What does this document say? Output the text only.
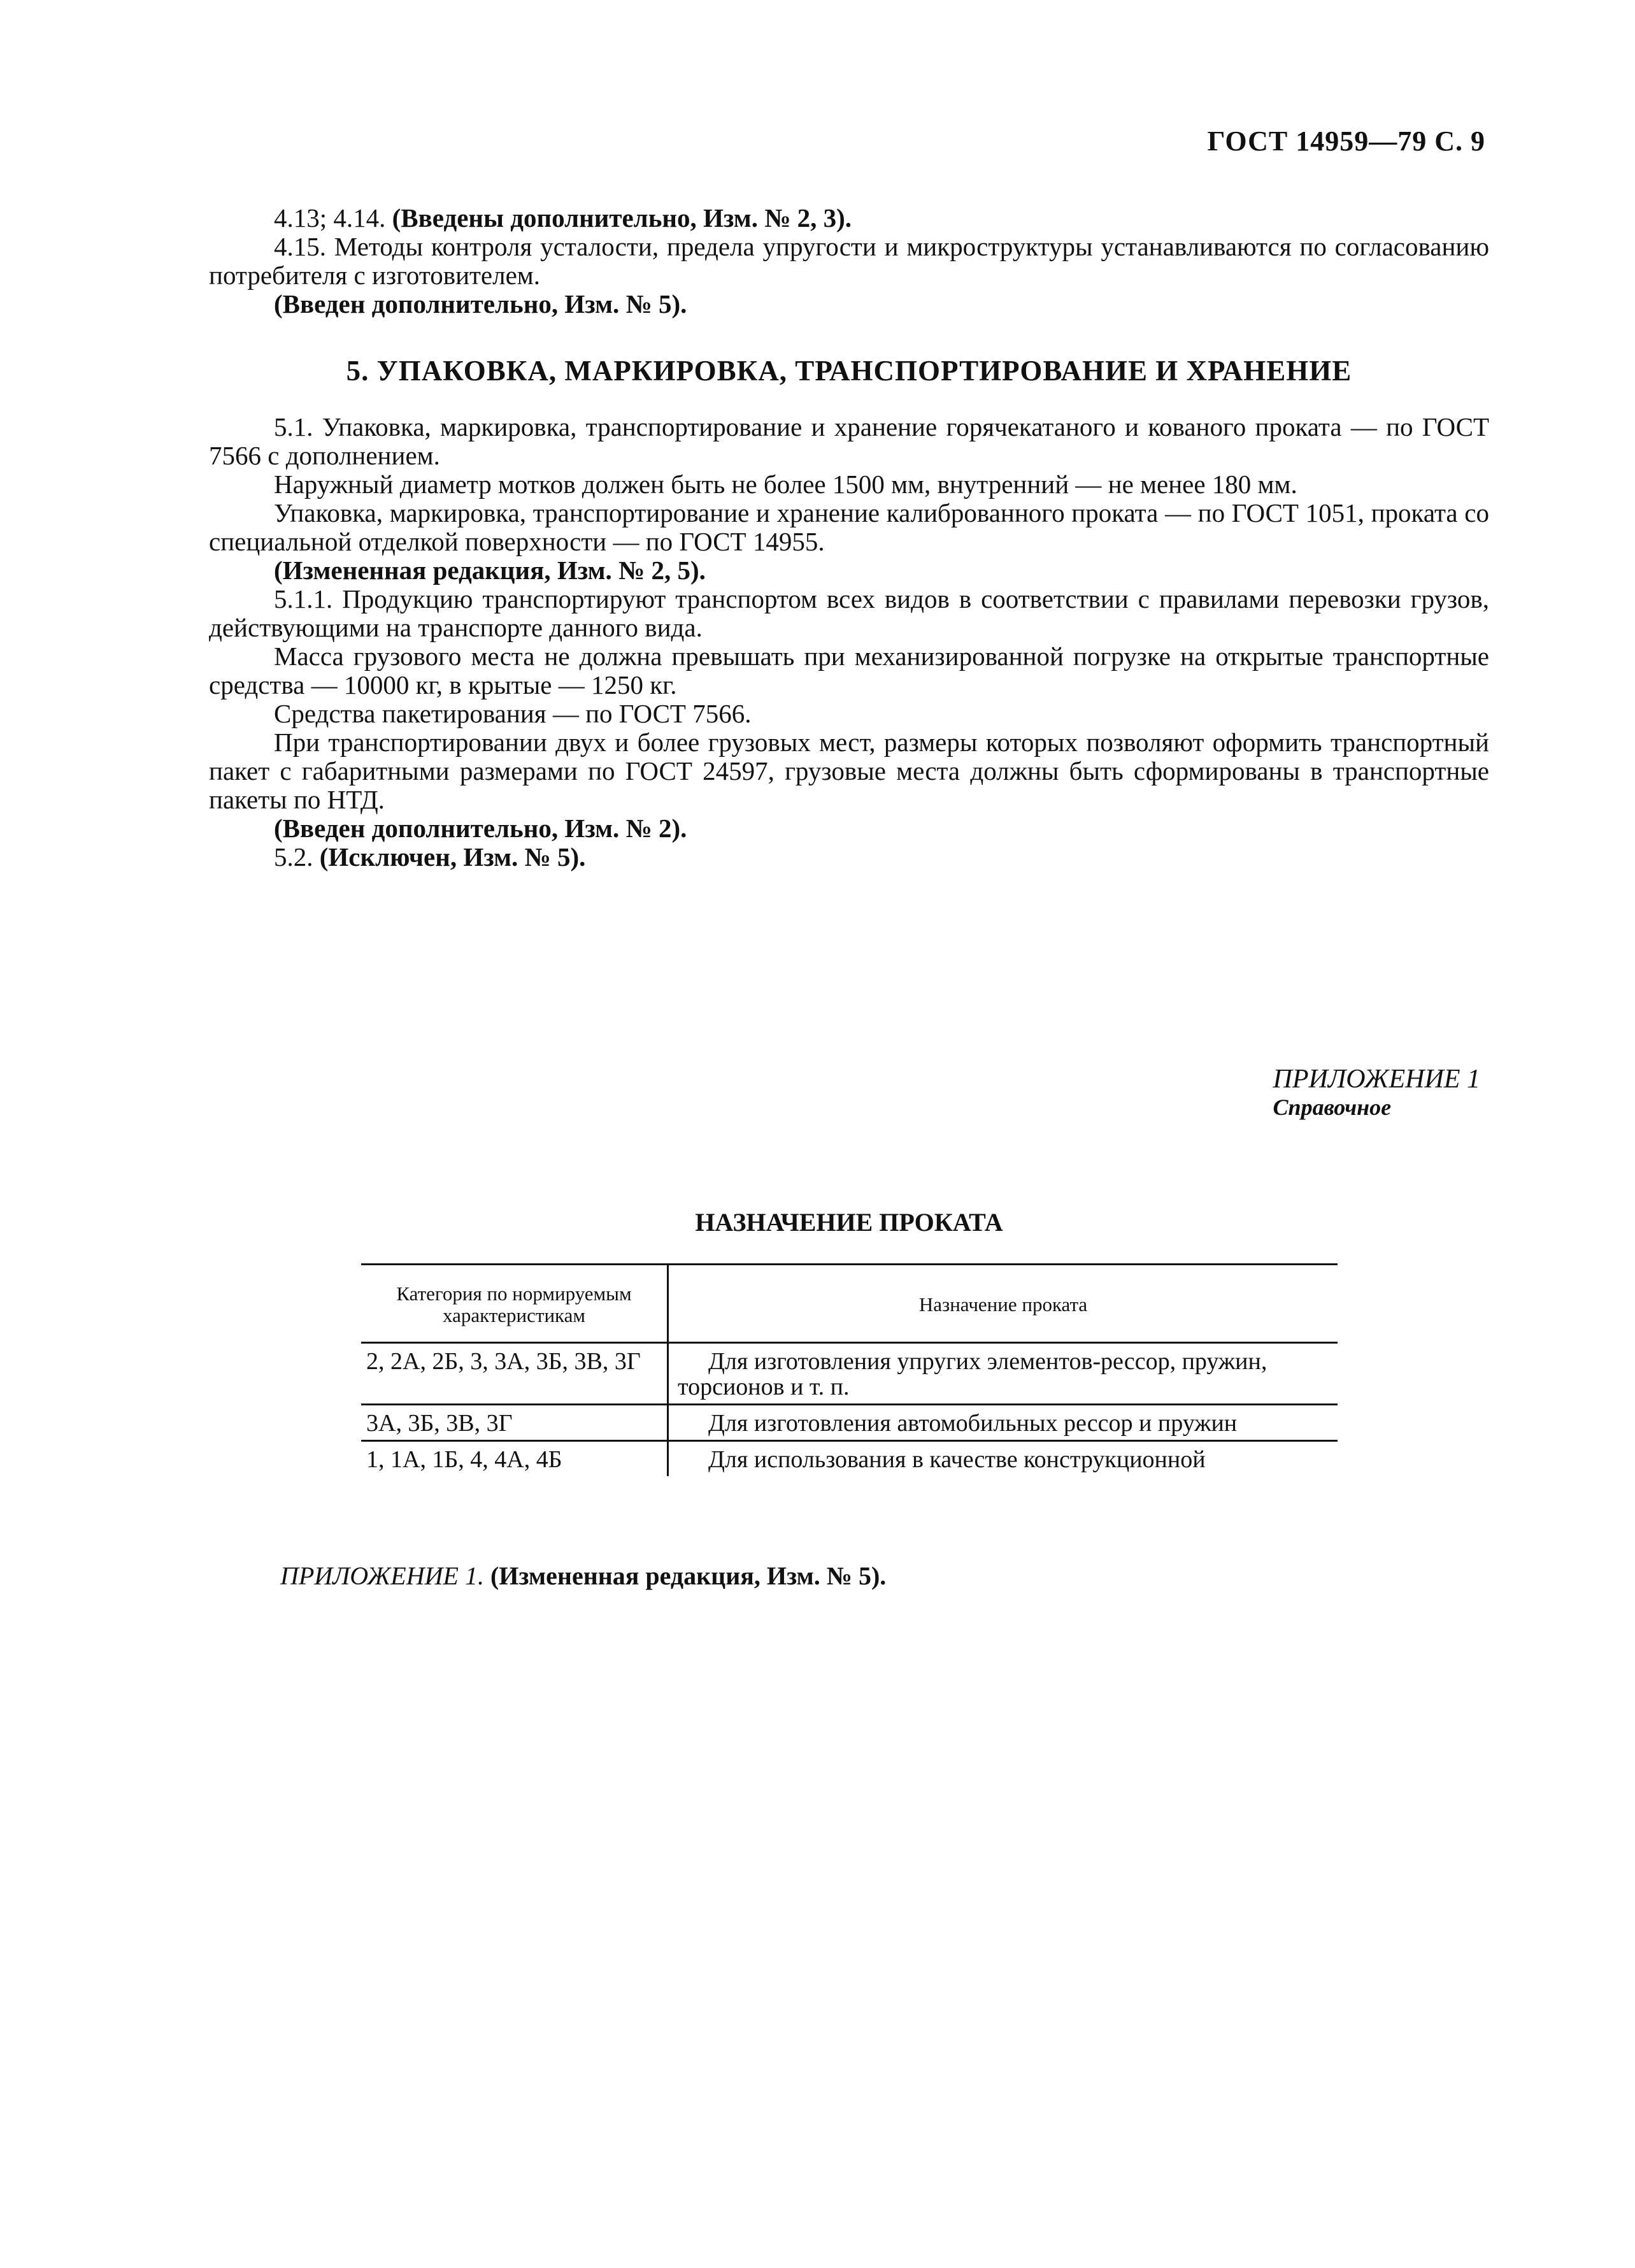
ГОСТ 14959—79 С. 9

4.13; 4.14. (Введены дополнительно, Изм. № 2, 3).

4.15. Методы контроля усталости, предела упругости и микроструктуры устанавливаются по согласованию потребителя с изготовителем.

(Введен дополнительно, Изм. № 5).

5. УПАКОВКА, МАРКИРОВКА, ТРАНСПОРТИРОВАНИЕ И ХРАНЕНИЕ

5.1. Упаковка, маркировка, транспортирование и хранение горячекатаного и кованого проката — по ГОСТ 7566 с дополнением.

Наружный диаметр мотков должен быть не более 1500 мм, внутренний — не менее 180 мм.

Упаковка, маркировка, транспортирование и хранение калиброванного проката — по ГОСТ 1051, проката со специальной отделкой поверхности — по ГОСТ 14955.

(Измененная редакция, Изм. № 2, 5).

5.1.1. Продукцию транспортируют транспортом всех видов в соответствии с правилами перевозки грузов, действующими на транспорте данного вида.

Масса грузового места не должна превышать при механизированной погрузке на открытые транспортные средства — 10000 кг, в крытые — 1250 кг.

Средства пакетирования — по ГОСТ 7566.

При транспортировании двух и более грузовых мест, размеры которых позволяют оформить транспортный пакет с габаритными размерами по ГОСТ 24597, грузовые места должны быть сформированы в транспортные пакеты по НТД.

(Введен дополнительно, Изм. № 2).

5.2. (Исключен, Изм. № 5).

ПРИЛОЖЕНИЕ 1
Справочное
НАЗНАЧЕНИЕ ПРОКАТА
Категория по нормируемым характеристикам	Назначение проката
2, 2А, 2Б, 3, 3А, 3Б, 3В, 3Г	Для изготовления упругих элементов-рессор, пружин,
торсионов и т. п.
3А, 3Б, 3В, 3Г	Для изготовления автомобильных рессор и пружин
1, 1А, 1Б, 4, 4А, 4Б	Для использования в качестве конструкционной
ПРИЛОЖЕНИЕ 1. (Измененная редакция, Изм. № 5).
